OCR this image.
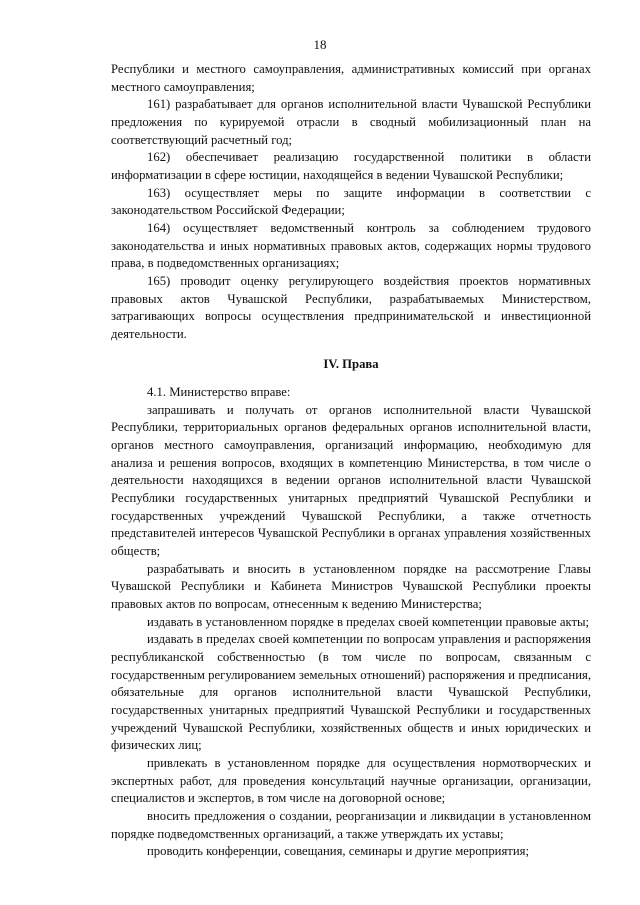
18

Республики и местного самоуправления, административных комиссий при органах местного самоуправления;

161) разрабатывает для органов исполнительной власти Чувашской Республики предложения по курируемой отрасли в сводный мобилизационный план на соответствующий расчетный год;

162) обеспечивает реализацию государственной политики в области информатизации в сфере юстиции, находящейся в ведении Чувашской Республики;

163) осуществляет меры по защите информации в соответствии с законодательством Российской Федерации;

164) осуществляет ведомственный контроль за соблюдением трудового законодательства и иных нормативных правовых актов, содержащих нормы трудового права, в подведомственных организациях;

165) проводит оценку регулирующего воздействия проектов нормативных правовых актов Чувашской Республики, разрабатываемых Министерством, затрагивающих вопросы осуществления предпринимательской и инвестиционной деятельности.

IV. Права

4.1. Министерство вправе:

запрашивать и получать от органов исполнительной власти Чувашской Республики, территориальных органов федеральных органов исполнительной власти, органов местного самоуправления, организаций информацию, необходимую для анализа и решения вопросов, входящих в компетенцию Министерства, в том числе о деятельности находящихся в ведении органов исполнительной власти Чувашской Республики государственных унитарных предприятий Чувашской Республики и государственных учреждений Чувашской Республики, а также отчетность представителей интересов Чувашской Республики в органах управления хозяйственных обществ;

разрабатывать и вносить в установленном порядке на рассмотрение Главы Чувашской Республики и Кабинета Министров Чувашской Республики проекты правовых актов по вопросам, отнесенным к ведению Министерства;

издавать в установленном порядке в пределах своей компетенции правовые акты;

издавать в пределах своей компетенции по вопросам управления и распоряжения республиканской собственностью (в том числе по вопросам, связанным с государственным регулированием земельных отношений) распоряжения и предписания, обязательные для органов исполнительной власти Чувашской Республики, государственных унитарных предприятий Чувашской Республики и государственных учреждений Чувашской Республики, хозяйственных обществ и иных юридических и физических лиц;

привлекать в установленном порядке для осуществления нормотворческих и экспертных работ, для проведения консультаций научные организации, организации, специалистов и экспертов, в том числе на договорной основе;

вносить предложения о создании, реорганизации и ликвидации в установленном порядке подведомственных организаций, а также утверждать их уставы;

проводить конференции, совещания, семинары и другие мероприятия;
